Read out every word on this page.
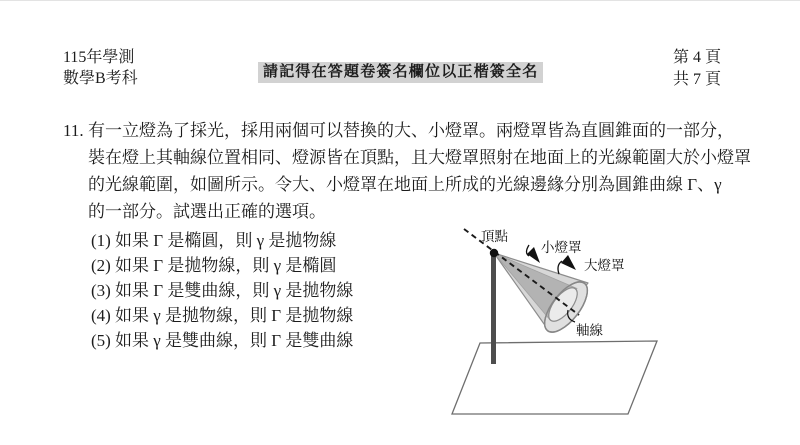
115年學測
數學B考科	請記得在答題卷簽名欄位以正楷簽全名
第 4 頁
共 7 頁
11. 有一立燈為了採光，採用兩個可以替換的大、小燈罩。兩燈罩皆為直圓錐面的一部分，
裝在燈上其軸線位置相同、燈源皆在頂點，且大燈罩照射在地面上的光線範圍大於小燈罩
的光線範圍，如圖所示。令大、小燈罩在地面上所成的光線邊緣分別為圓錐曲線 Γ、γ
的一部分。試選出正確的選項。
(1) 如果 Γ 是橢圓，則 γ 是拋物線
(2) 如果 Γ 是拋物線，則 γ 是橢圓
(3) 如果 Γ 是雙曲線，則 γ 是拋物線
(4) 如果 γ 是拋物線，則 Γ 是拋物線
(5) 如果 γ 是雙曲線，則 Γ 是雙曲線
頂點
小燈罩
大燈罩
軸線
